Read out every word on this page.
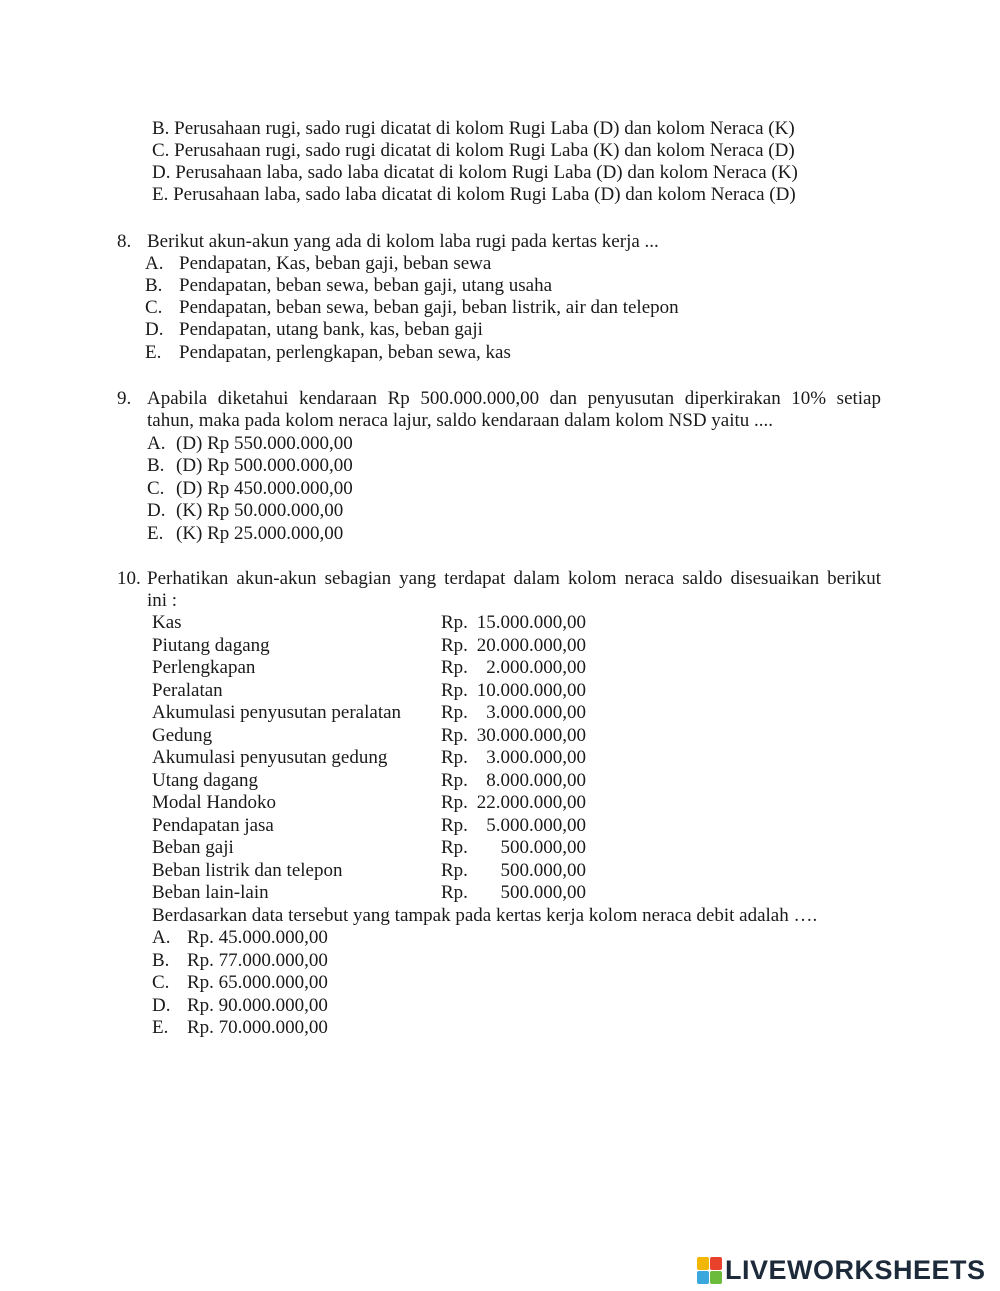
B. Perusahaan rugi, sado rugi dicatat di kolom Rugi Laba (D) dan kolom Neraca (K)
C. Perusahaan rugi, sado rugi dicatat di kolom Rugi Laba (K) dan kolom Neraca (D)
D. Perusahaan laba, sado laba dicatat di kolom Rugi Laba (D) dan kolom Neraca (K)
E. Perusahaan laba, sado laba dicatat di kolom Rugi Laba (D) dan kolom Neraca (D)
8. Berikut akun-akun yang ada di kolom laba rugi pada kertas kerja ...
A. Pendapatan, Kas, beban gaji, beban sewa
B. Pendapatan, beban sewa, beban gaji, utang usaha
C. Pendapatan, beban sewa, beban gaji, beban listrik, air dan telepon
D. Pendapatan, utang bank, kas, beban gaji
E. Pendapatan, perlengkapan, beban sewa, kas
9. Apabila diketahui kendaraan Rp 500.000.000,00 dan penyusutan diperkirakan 10% setiap
tahun, maka pada kolom neraca lajur, saldo kendaraan dalam kolom NSD yaitu ....
A. (D) Rp 550.000.000,00
B. (D) Rp 500.000.000,00
C. (D) Rp 450.000.000,00
D. (K) Rp 50.000.000,00
E. (K) Rp 25.000.000,00
10. Perhatikan akun-akun sebagian yang terdapat dalam kolom neraca saldo disesuaikan berikut
ini :
Kas	Rp. 15.000.000,00
Piutang dagang	Rp. 20.000.000,00
Perlengkapan	Rp. 2.000.000,00
Peralatan	Rp. 10.000.000,00
Akumulasi penyusutan peralatan Rp. 3.000.000,00
Gedung	Rp. 30.000.000,00
Akumulasi penyusutan gedung	Rp. 3.000.000,00
Utang dagang	Rp. 8.000.000,00
Modal Handoko	Rp. 22.000.000,00
Pendapatan jasa	Rp. 5.000.000,00
Beban gaji	Rp. 500.000,00
Beban listrik dan telepon	Rp. 500.000,00
Beban lain-lain	Rp. 500.000,00
Berdasarkan data tersebut yang tampak pada kertas kerja kolom neraca debit adalah ….
A. Rp. 45.000.000,00
B. Rp. 77.000.000,00
C. Rp. 65.000.000,00
D. Rp. 90.000.000,00
E. Rp. 70.000.000,00
LIVEWORKSHEETS
